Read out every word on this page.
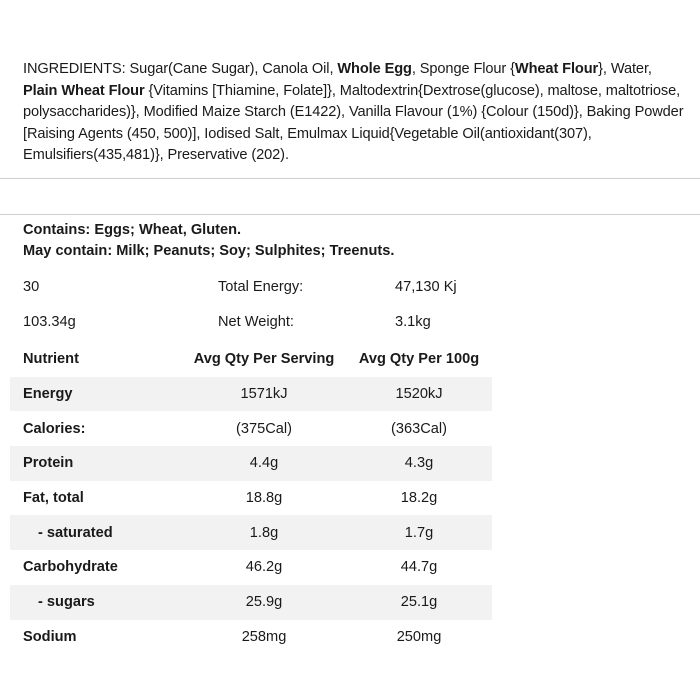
INGREDIENTS: Sugar(Cane Sugar), Canola Oil, Whole Egg, Sponge Flour {Wheat Flour}, Water, Plain Wheat Flour {Vitamins [Thiamine, Folate]}, Maltodextrin{Dextrose(glucose), maltose, maltotriose, polysaccharides)}, Modified Maize Starch (E1422), Vanilla Flavour (1%) {Colour (150d)}, Baking Powder [Raising Agents (450, 500)], Iodised Salt, Emulmax Liquid{Vegetable Oil(antioxidant(307), Emulsifiers(435,481)}, Preservative (202).
Contains: Eggs; Wheat, Gluten.
May contain: Milk; Peanuts; Soy; Sulphites; Treenuts.
30	Total Energy:	47,130 Kj
103.34g	Net Weight:	3.1kg
Nutrient	Avg Qty Per Serving	Avg Qty Per 100g
Energy	1571kJ	1520kJ
Calories:	(375Cal)	(363Cal)
Protein	4.4g	4.3g
Fat, total	18.8g	18.2g
- saturated	1.8g	1.7g
Carbohydrate	46.2g	44.7g
- sugars	25.9g	25.1g
Sodium	258mg	250mg
